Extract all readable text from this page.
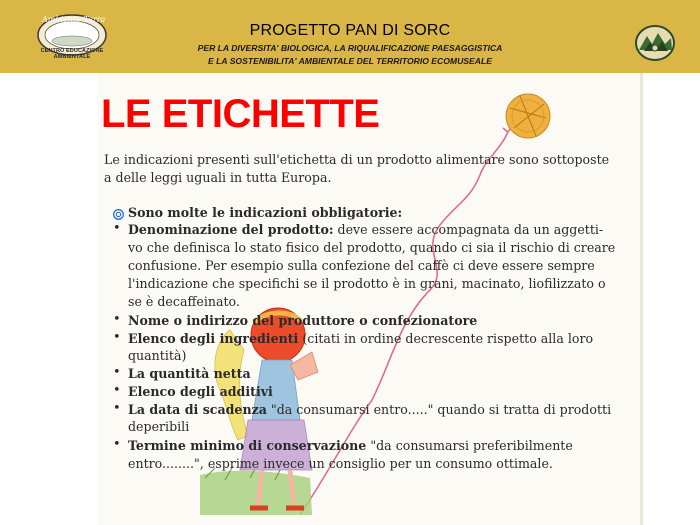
Ambiente Terra
CENTRO EDUCAZIONE AMBIENTALE
PROGETTO PAN DI SORC
PER LA DIVERSITA' BIOLOGICA, LA RIQUALIFICAZIONE PAESAGGISTICA
E LA SOSTENIBILITA' AMBIENTALE DEL TERRITORIO ECOMUSEALE
LE ETICHETTE
Le indicazioni presenti sull'etichetta di un prodotto alimentare sono sottoposte
a delle leggi uguali in tutta Europa.
Sono molte le indicazioni obbligatorie:
• Denominazione del prodotto: deve essere accompagnata da un aggetti-
vo che definisca lo stato fisico del prodotto, quando ci sia il rischio di creare
confusione. Per esempio sulla confezione del caffè ci deve essere sempre
l'indicazione che specifichi se il prodotto è in grani, macinato, liofilizzato o
se è decaffeinato.
• Nome o indirizzo del produttore o confezionatore
• Elenco degli ingredienti (citati in ordine decrescente rispetto alla loro
quantità)
• La quantità netta
• Elenco degli additivi
• La data di scadenza "da consumarsi entro....." quando si tratta di prodotti
deperibili
• Termine minimo di conservazione "da consumarsi preferibilmente
entro........", esprime invece un consiglio per un consumo ottimale.
